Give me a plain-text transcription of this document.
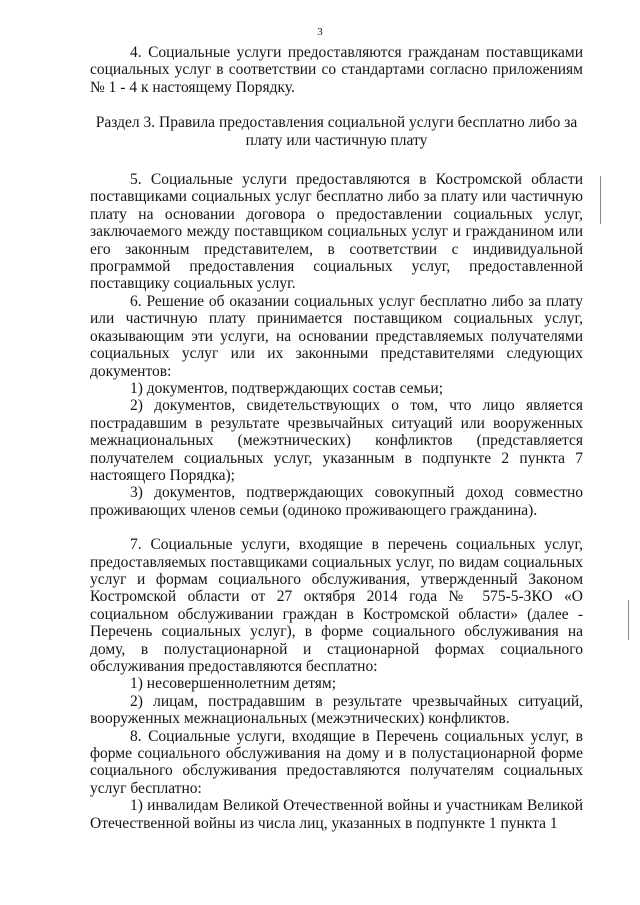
3

4. Социальные услуги предоставляются гражданам поставщиками социальных услуг в соответствии со стандартами согласно приложениям № 1 - 4 к настоящему Порядку.

Раздел 3. Правила предоставления социальной услуги бесплатно либо за плату или частичную плату

5. Социальные услуги предоставляются в Костромской области поставщиками социальных услуг бесплатно либо за плату или частичную плату на основании договора о предоставлении социальных услуг, заключаемого между поставщиком социальных услуг и гражданином или его законным представителем, в соответствии с индивидуальной программой предоставления социальных услуг, предоставленной поставщику социальных услуг.

6. Решение об оказании социальных услуг бесплатно либо за плату или частичную плату принимается поставщиком социальных услуг, оказывающим эти услуги, на основании представляемых получателями социальных услуг или их законными представителями следующих документов:

1) документов, подтверждающих состав семьи;

2) документов, свидетельствующих о том, что лицо является пострадавшим в результате чрезвычайных ситуаций или вооруженных межнациональных (межэтнических) конфликтов (представляется получателем социальных услуг, указанным в подпункте 2 пункта 7 настоящего Порядка);

3) документов, подтверждающих совокупный доход совместно проживающих членов семьи (одиноко проживающего гражданина).

7. Социальные услуги, входящие в перечень социальных услуг, предоставляемых поставщиками социальных услуг, по видам социальных услуг и формам социального обслуживания, утвержденный Законом Костромской области от 27 октября 2014 года № 575-5-ЗКО «О социальном обслуживании граждан в Костромской области» (далее - Перечень социальных услуг), в форме социального обслуживания на дому, в полустационарной и стационарной формах социального обслуживания предоставляются бесплатно:

1) несовершеннолетним детям;

2) лицам, пострадавшим в результате чрезвычайных ситуаций, вооруженных межнациональных (межэтнических) конфликтов.

8. Социальные услуги, входящие в Перечень социальных услуг, в форме социального обслуживания на дому и в полустационарной форме социального обслуживания предоставляются получателям социальных услуг бесплатно:

1) инвалидам Великой Отечественной войны и участникам Великой Отечественной войны из числа лиц, указанных в подпункте 1 пункта 1
